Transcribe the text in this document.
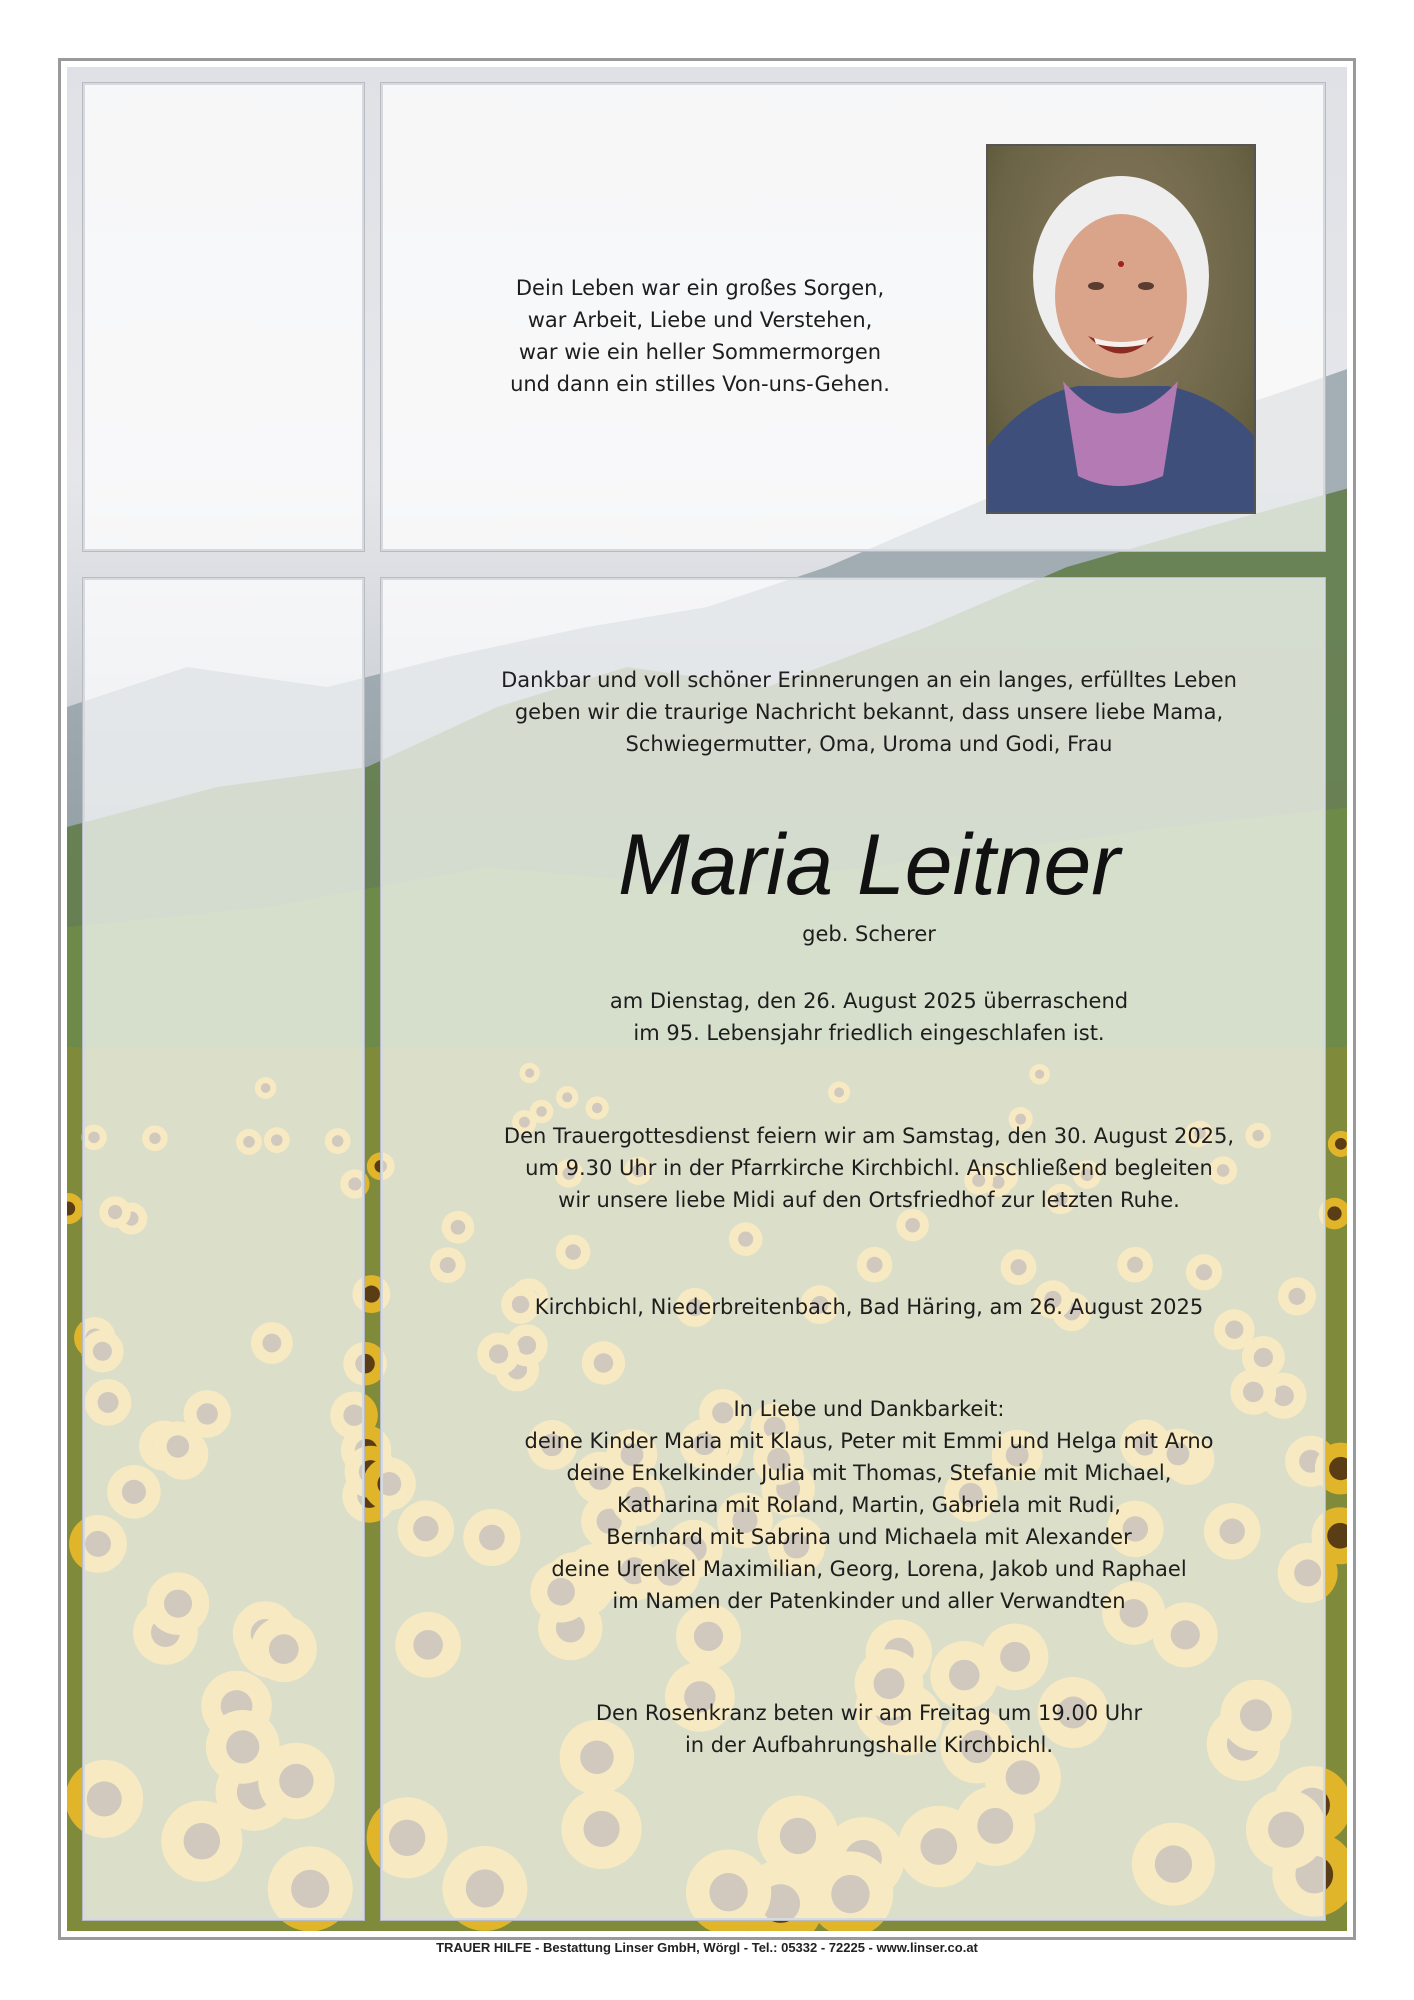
Dein Leben war ein großes Sorgen,
war Arbeit, Liebe und Verstehen,
war wie ein heller Sommermorgen
und dann ein stilles Von-uns-Gehen.
Dankbar und voll schöner Erinnerungen an ein langes, erfülltes Leben
geben wir die traurige Nachricht bekannt, dass unsere liebe Mama,
Schwiegermutter, Oma, Uroma und Godi, Frau
Maria Leitner
geb. Scherer
am Dienstag, den 26. August 2025 überraschend
im 95. Lebensjahr friedlich eingeschlafen ist.
Den Trauergottesdienst feiern wir am Samstag, den 30. August 2025,
um 9.30 Uhr in der Pfarrkirche Kirchbichl. Anschließend begleiten
wir unsere liebe Midi auf den Ortsfriedhof zur letzten Ruhe.
Kirchbichl, Niederbreitenbach, Bad Häring, am 26. August 2025
In Liebe und Dankbarkeit:
deine Kinder Maria mit Klaus, Peter mit Emmi und Helga mit Arno
deine Enkelkinder Julia mit Thomas, Stefanie mit Michael,
Katharina mit Roland, Martin, Gabriela mit Rudi,
Bernhard mit Sabrina und Michaela mit Alexander
deine Urenkel Maximilian, Georg, Lorena, Jakob und Raphael
im Namen der Patenkinder und aller Verwandten
Den Rosenkranz beten wir am Freitag um 19.00 Uhr
in der Aufbahrungshalle Kirchbichl.
TRAUER HILFE - Bestattung Linser GmbH, Wörgl - Tel.: 05332 - 72225 - www.linser.co.at
